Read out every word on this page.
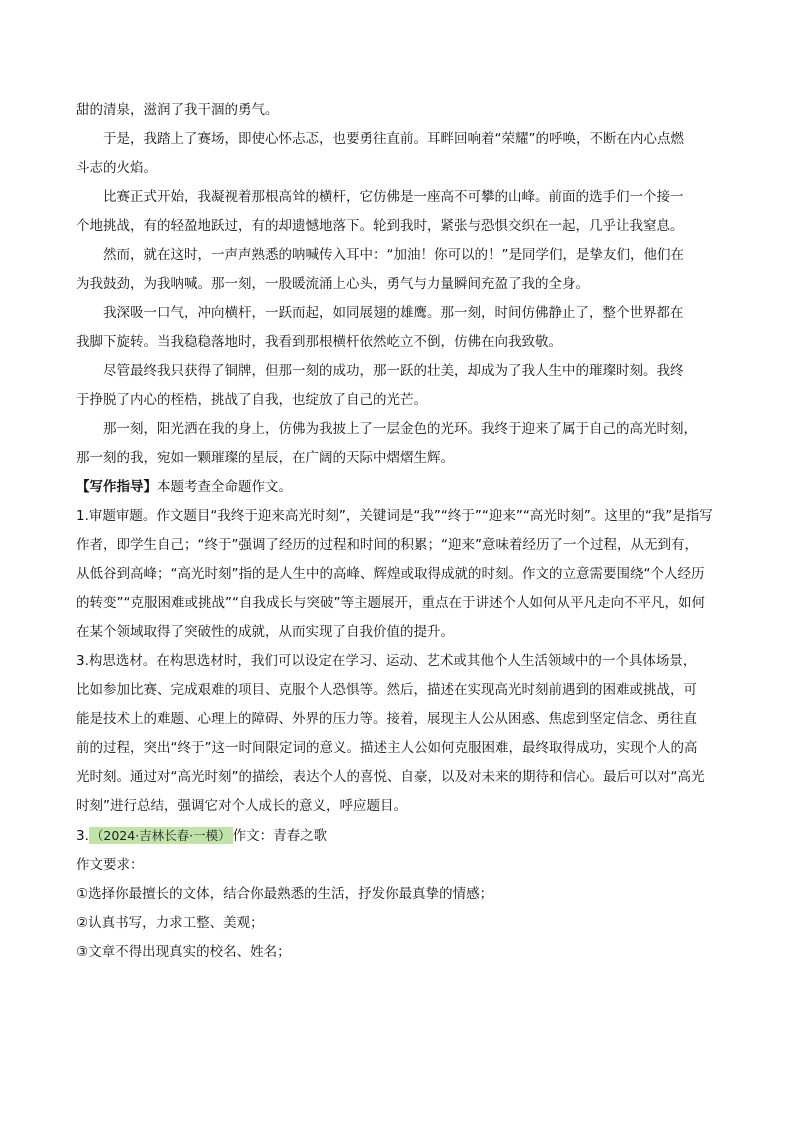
甜的清泉，滋润了我干涸的勇气。
于是，我踏上了赛场，即使心怀忐忑，也要勇往直前。耳畔回响着“荣耀”的呼唤，不断在内心点燃
斗志的火焰。
比赛正式开始，我凝视着那根高耸的横杆，它仿佛是一座高不可攀的山峰。前面的选手们一个接一
个地挑战，有的轻盈地跃过，有的却遗憾地落下。轮到我时，紧张与恐惧交织在一起，几乎让我窒息。
然而，就在这时，一声声熟悉的呐喊传入耳中：“加油！你可以的！”是同学们，是挚友们，他们在
为我鼓劲，为我呐喊。那一刻，一股暖流涌上心头，勇气与力量瞬间充盈了我的全身。
我深吸一口气，冲向横杆，一跃而起，如同展翅的雄鹰。那一刻，时间仿佛静止了，整个世界都在
我脚下旋转。当我稳稳落地时，我看到那根横杆依然屹立不倒，仿佛在向我致敬。
尽管最终我只获得了铜牌，但那一刻的成功，那一跃的壮美，却成为了我人生中的璀璨时刻。我终
于挣脱了内心的桎梏，挑战了自我，也绽放了自己的光芒。
那一刻，阳光洒在我的身上，仿佛为我披上了一层金色的光环。我终于迎来了属于自己的高光时刻，
那一刻的我，宛如一颗璀璨的星辰，在广阔的天际中熠熠生辉。
【写作指导】本题考查全命题作文。
1.审题审题。作文题目“我终于迎来高光时刻”，关键词是“我”“终于”“迎来”“高光时刻”。这里的“我”是指写
作者，即学生自己；“终于”强调了经历的过程和时间的积累；“迎来”意味着经历了一个过程，从无到有，
从低谷到高峰；“高光时刻”指的是人生中的高峰、辉煌或取得成就的时刻。作文的立意需要围绕“个人经历
的转变”“克服困难或挑战”“自我成长与突破”等主题展开，重点在于讲述个人如何从平凡走向不平凡，如何
在某个领域取得了突破性的成就，从而实现了自我价值的提升。
3.构思选材。在构思选材时，我们可以设定在学习、运动、艺术或其他个人生活领域中的一个具体场景，
比如参加比赛、完成艰难的项目、克服个人恐惧等。然后，描述在实现高光时刻前遇到的困难或挑战，可
能是技术上的难题、心理上的障碍、外界的压力等。接着，展现主人公从困惑、焦虑到坚定信念、勇往直
前的过程，突出“终于”这一时间限定词的意义。描述主人公如何克服困难，最终取得成功，实现个人的高
光时刻。通过对“高光时刻”的描绘，表达个人的喜悦、自豪，以及对未来的期待和信心。最后可以对“高光
时刻”进行总结，强调它对个人成长的意义，呼应题目。
3. （2024·吉林长春·一模） 作文：青春之歌
作文要求：
①选择你最擅长的文体，结合你最熟悉的生活，抒发你最真挚的情感；
②认真书写，力求工整、美观；
③文章不得出现真实的校名、姓名；
